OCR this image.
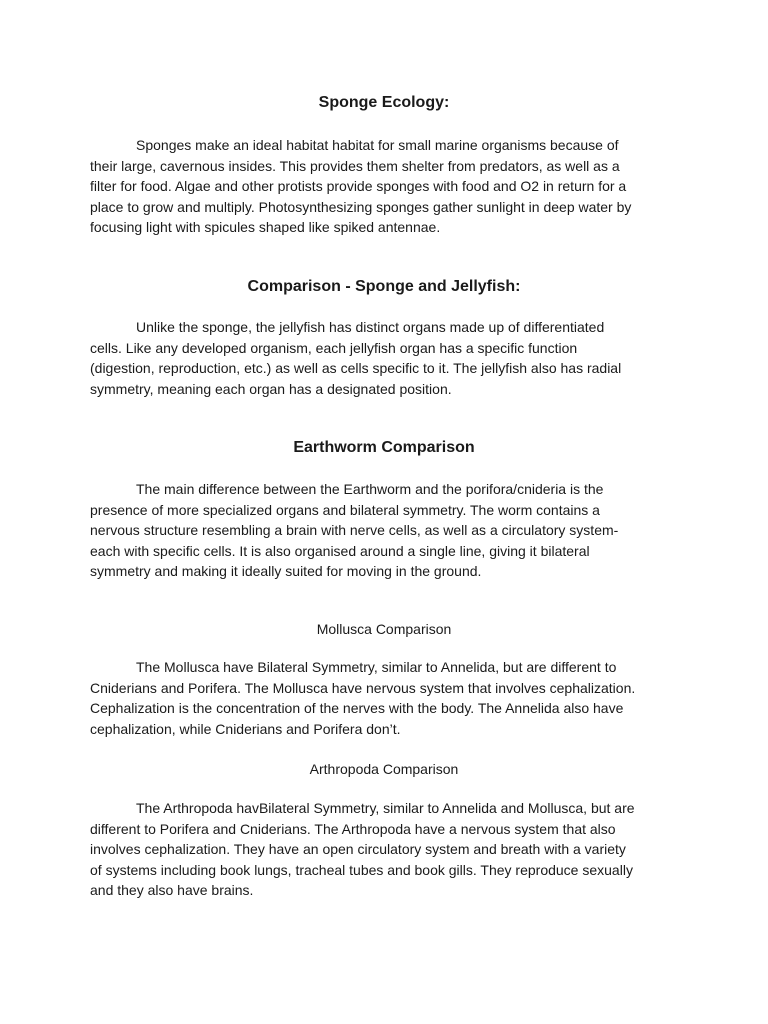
Sponge Ecology:
Sponges make an ideal habitat habitat for small marine organisms because of
their large, cavernous insides. This provides them shelter from predators, as well as a
filter for food. Algae and other protists provide sponges with food and O2 in return for a
place to grow and multiply. Photosynthesizing sponges gather sunlight in deep water by
focusing light with spicules shaped like spiked antennae.
Comparison - Sponge and Jellyfish:
Unlike the sponge, the jellyfish has distinct organs made up of differentiated
cells. Like any developed organism, each jellyfish organ has a specific function
(digestion, reproduction, etc.) as well as cells specific to it. The jellyfish also has radial
symmetry, meaning each organ has a designated position.
Earthworm Comparison
The main difference between the Earthworm and the porifora/cnideria is the
presence of more specialized organs and bilateral symmetry. The worm contains a
nervous structure resembling a brain with nerve cells, as well as a circulatory system-
each with specific cells. It is also organised around a single line, giving it bilateral
symmetry and making it ideally suited for moving in the ground.
Mollusca Comparison
The Mollusca have Bilateral Symmetry, similar to Annelida, but are different to
Cniderians and Porifera. The Mollusca have nervous system that involves cephalization.
Cephalization is the concentration of the nerves with the body. The Annelida also have
cephalization, while Cniderians and Porifera don’t.
Arthropoda Comparison
The Arthropoda havBilateral Symmetry, similar to Annelida and Mollusca, but are
different to Porifera and Cniderians. The Arthropoda have a nervous system that also
involves cephalization. They have an open circulatory system and breath with a variety
of systems including book lungs, tracheal tubes and book gills. They reproduce sexually
and they also have brains.
